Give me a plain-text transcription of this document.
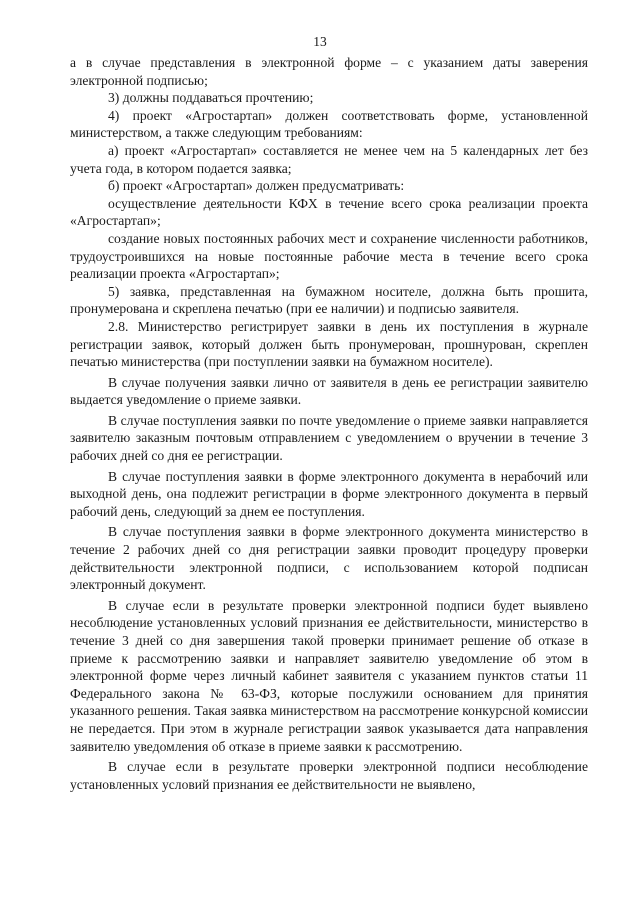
13

а в случае представления в электронной форме – с указанием даты заверения электронной подписью;

3) должны поддаваться прочтению;

4) проект «Агростартап» должен соответствовать форме, установленной министерством, а также следующим требованиям:

а) проект «Агростартап» составляется не менее чем на 5 календарных лет без учета года, в котором подается заявка;

б) проект «Агростартап» должен предусматривать:

осуществление деятельности КФХ в течение всего срока реализации проекта «Агростартап»;

создание новых постоянных рабочих мест и сохранение численности работников, трудоустроившихся на новые постоянные рабочие места в течение всего срока реализации проекта «Агростартап»;

5) заявка, представленная на бумажном носителе, должна быть прошита, пронумерована и скреплена печатью (при ее наличии) и подписью заявителя.

2.8. Министерство регистрирует заявки в день их поступления в журнале регистрации заявок, который должен быть пронумерован, прошнурован, скреплен печатью министерства (при поступлении заявки на бумажном носителе).

В случае получения заявки лично от заявителя в день ее регистрации заявителю выдается уведомление о приеме заявки.

В случае поступления заявки по почте уведомление о приеме заявки направляется заявителю заказным почтовым отправлением с уведомлением о вручении в течение 3 рабочих дней со дня ее регистрации.

В случае поступления заявки в форме электронного документа в нерабочий или выходной день, она подлежит регистрации в форме электронного документа в первый рабочий день, следующий за днем ее поступления.

В случае поступления заявки в форме электронного документа министерство в течение 2 рабочих дней со дня регистрации заявки проводит процедуру проверки действительности электронной подписи, с использованием которой подписан электронный документ.

В случае если в результате проверки электронной подписи будет выявлено несоблюдение установленных условий признания ее действительности, министерство в течение 3 дней со дня завершения такой проверки принимает решение об отказе в приеме к рассмотрению заявки и направляет заявителю уведомление об этом в электронной форме через личный кабинет заявителя с указанием пунктов статьи 11 Федерального закона № 63-ФЗ, которые послужили основанием для принятия указанного решения. Такая заявка министерством на рассмотрение конкурсной комиссии не передается. При этом в журнале регистрации заявок указывается дата направления заявителю уведомления об отказе в приеме заявки к рассмотрению.

В случае если в результате проверки электронной подписи несоблюдение установленных условий признания ее действительности не выявлено,
